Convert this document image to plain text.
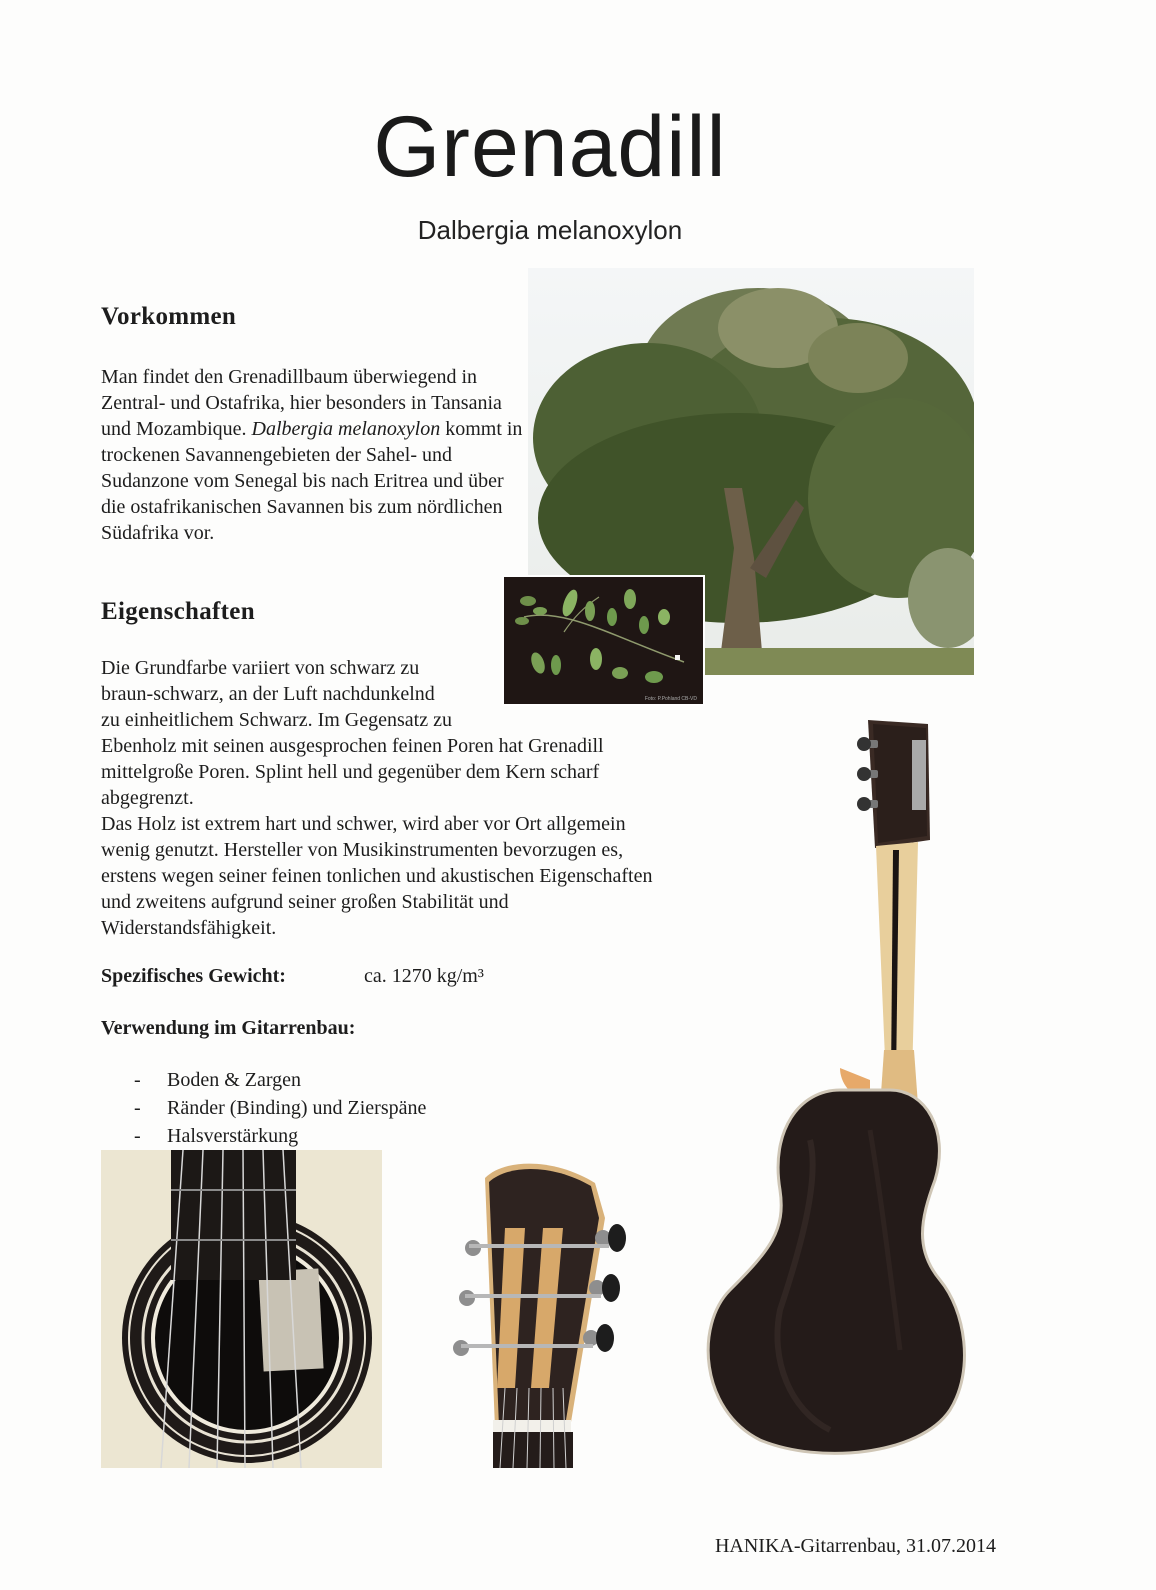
Grenadill
Dalbergia melanoxylon
Vorkommen
Man findet den Grenadillbaum überwiegend in Zentral- und Ostafrika, hier besonders in Tansania und Mozambique. Dalbergia melanoxylon kommt in trockenen Savannengebieten der Sahel- und Sudanzone vom Senegal bis nach Eritrea und über die ostafrikanischen Savannen bis zum nördlichen Südafrika vor.
Foto: P.Pohland CB-VD
Eigenschaften
Die Grundfarbe variiert von schwarz zu
braun-schwarz, an der Luft nachdunkelnd
zu einheitlichem Schwarz. Im Gegensatz zu
Ebenholz mit seinen ausgesprochen feinen Poren hat Grenadill mittelgroße Poren. Splint hell und gegenüber dem Kern scharf abgegrenzt.
Das Holz ist extrem hart und schwer, wird aber vor Ort allgemein wenig genutzt. Hersteller von Musikinstrumenten bevorzugen es, erstens wegen seiner feinen tonlichen und akustischen Eigenschaften und zweitens aufgrund seiner großen Stabilität und Widerstandsfähigkeit.
Spezifisches Gewicht:	ca. 1270 kg/m³
Verwendung im Gitarrenbau:
- Boden & Zargen
- Ränder (Binding) und Zierspäne
- Halsverstärkung
HANIKA-Gitarrenbau, 31.07.2014
